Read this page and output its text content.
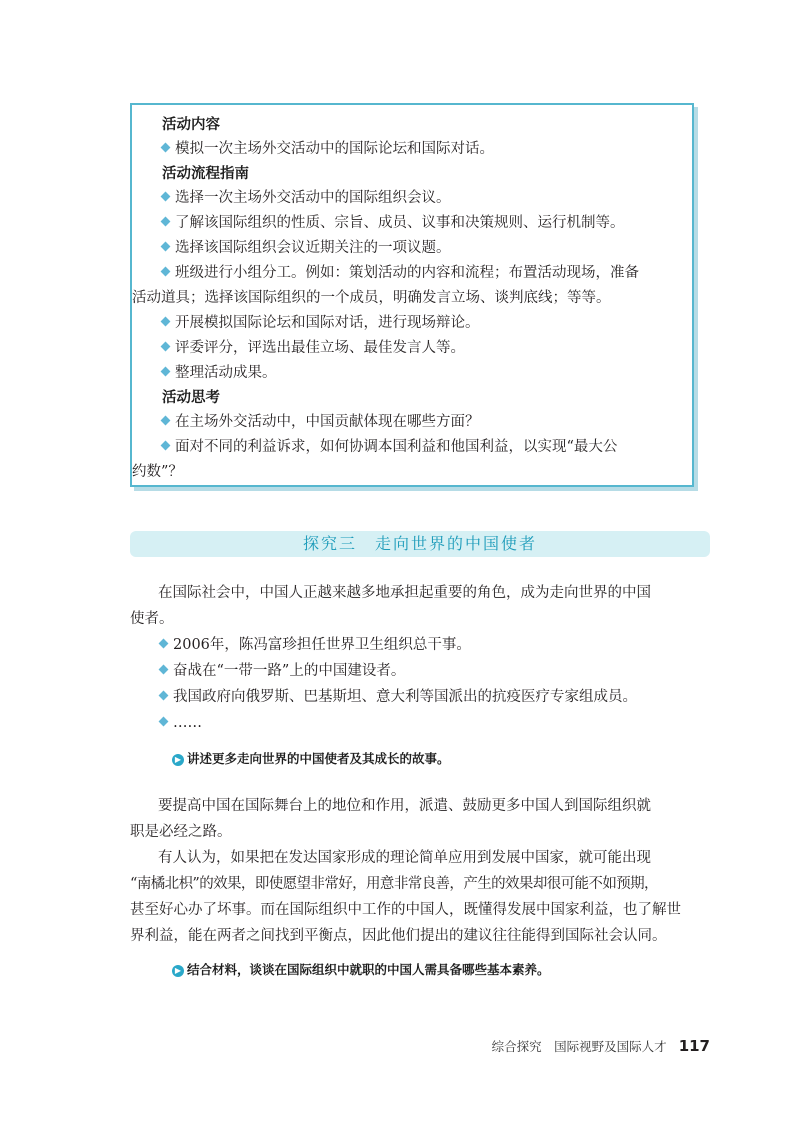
活动内容
模拟一次主场外交活动中的国际论坛和国际对话。
活动流程指南
选择一次主场外交活动中的国际组织会议。
了解该国际组织的性质、宗旨、成员、议事和决策规则、运行机制等。
选择该国际组织会议近期关注的一项议题。
班级进行小组分工。例如：策划活动的内容和流程；布置活动现场，准备
活动道具；选择该国际组织的一个成员，明确发言立场、谈判底线；等等。
开展模拟国际论坛和国际对话，进行现场辩论。
评委评分，评选出最佳立场、最佳发言人等。
整理活动成果。
活动思考
在主场外交活动中，中国贡献体现在哪些方面？
面对不同的利益诉求，如何协调本国利益和他国利益，以实现“最大公
约数”？
探究三　走向世界的中国使者
在国际社会中，中国人正越来越多地承担起重要的角色，成为走向世界的中国
使者。
2006年，陈冯富珍担任世界卫生组织总干事。
奋战在“一带一路”上的中国建设者。
我国政府向俄罗斯、巴基斯坦、意大利等国派出的抗疫医疗专家组成员。
……
▶ 讲述更多走向世界的中国使者及其成长的故事。
要提高中国在国际舞台上的地位和作用，派遣、鼓励更多中国人到国际组织就
职是必经之路。
有人认为，如果把在发达国家形成的理论简单应用到发展中国家，就可能出现
“南橘北枳”的效果，即使愿望非常好，用意非常良善，产生的效果却很可能不如预期，
甚至好心办了坏事。而在国际组织中工作的中国人，既懂得发展中国家利益，也了解世
界利益，能在两者之间找到平衡点，因此他们提出的建议往往能得到国际社会认同。
▶ 结合材料，谈谈在国际组织中就职的中国人需具备哪些基本素养。
综合探究　国际视野及国际人才 117
